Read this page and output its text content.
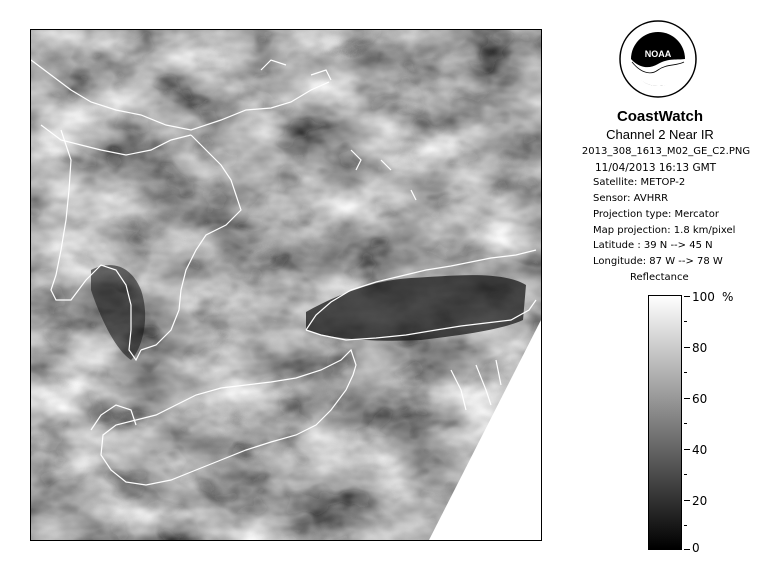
NOAA
CoastWatch
Channel 2 Near IR
2013_308_1613_M02_GE_C2.PNG
11/04/2013 16:13 GMT
Satellite: METOP-2
Sensor: AVHRR
Projection type: Mercator
Map projection: 1.8 km/pixel
Latitude : 39 N --> 45 N
Longitude: 87 W --> 78 W
Reflectance
%
100
80
60
40
20
0
